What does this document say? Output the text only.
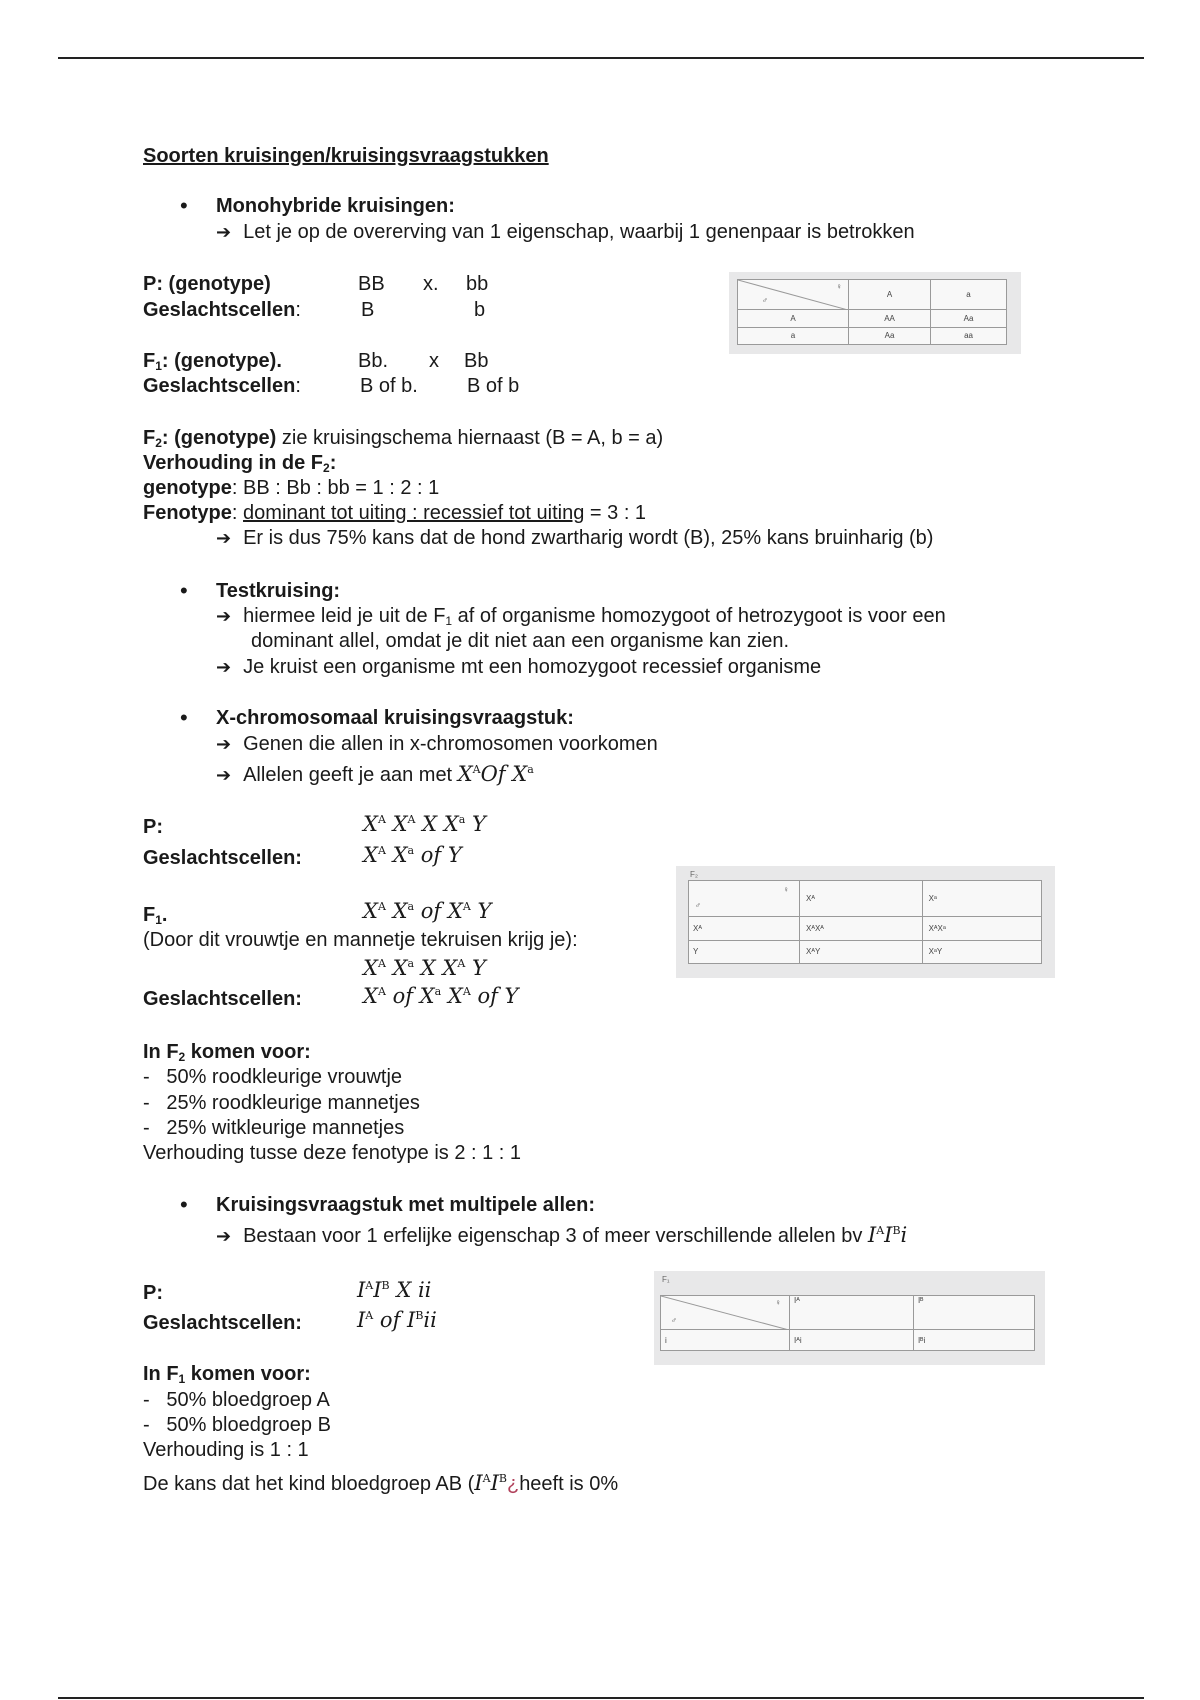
Soorten kruisingen/kruisingsvraagstukken
• Monohybride kruisingen:
➔ Let je op de overerving van 1 eigenschap, waarbij 1 genenpaar is betrokken
P: (genotype)	BB x. bb
Geslachtscellen:	B	b
$F_1$: (genotype).	Bb. x Bb
Geslachtscellen:	B of b. B of b
$F_2$: (genotype) zie kruisingschema hiernaast (B = A, b = a)
Verhouding in de $F_2$:
genotype: BB : Bb : bb = 1 : 2 : 1
Fenotype: dominant tot uiting : recessief tot uiting = 3 : 1
➔ Er is dus 75% kans dat de hond zwartharig wordt (B), 25% kans bruinharig (b)
♀
♂	A	a
A	AA	Aa
a	Aa	aa
• Testkruising:
➔ hiermee leid je uit de $F_1$ af of organisme homozygoot of hetrozygoot is voor een
dominant allel, omdat je dit niet aan een organisme kan zien.
➔ Je kruist een organisme mt een homozygoot recessief organisme
• X-chromosomaal kruisingsvraagstuk:
➔ Genen die allen in x-chromosomen voorkomen
➔ Allelen geeft je aan met $X^AOf$ $X^a$
P:	$X^A$ $X^A$ X $X^a$ Y
Geslachtscellen:	$X^A$ $X^a$ of Y
$F_1$.	$X^A$ $X^a$ of $X^A$ Y
(Door dit vrouwtje en mannetje tekruisen krijg je):
$X^A$ $X^a$ X $X^A$ Y
Geslachtscellen:	$X^A$ of $X^a$ $X^A$ of Y
In $F_2$ komen voor:
-   50% roodkleurige vrouwtje
-   25% roodkleurige mannetjes
-   25% witkleurige mannetjes
Verhouding tusse deze fenotype is 2 : 1 : 1
F₂
♀
♂	Xᴬ	Xᵃ
Xᴬ	XᴬXᴬ	XᴬXᵃ
Y	XᴬY	XᵃY
• Kruisingsvraagstuk met multipele allen:
➔ Bestaan voor 1 erfelijke eigenschap 3 of meer verschillende allelen bv $I^AI^Bi$
P:	$I^AI^B$ X ii
Geslachtscellen:	$I^A$ of $I^Bii$
In $F_1$ komen voor:
-   50% bloedgroep A
-   50% bloedgroep B
Verhouding is 1 : 1
De kans dat het kind bloedgroep AB ($I^AI^B¿heeft$ is 0%
F₁
♀
♂	Iᴬ	Iᴮ
i	Iᴬi	Iᴮi
